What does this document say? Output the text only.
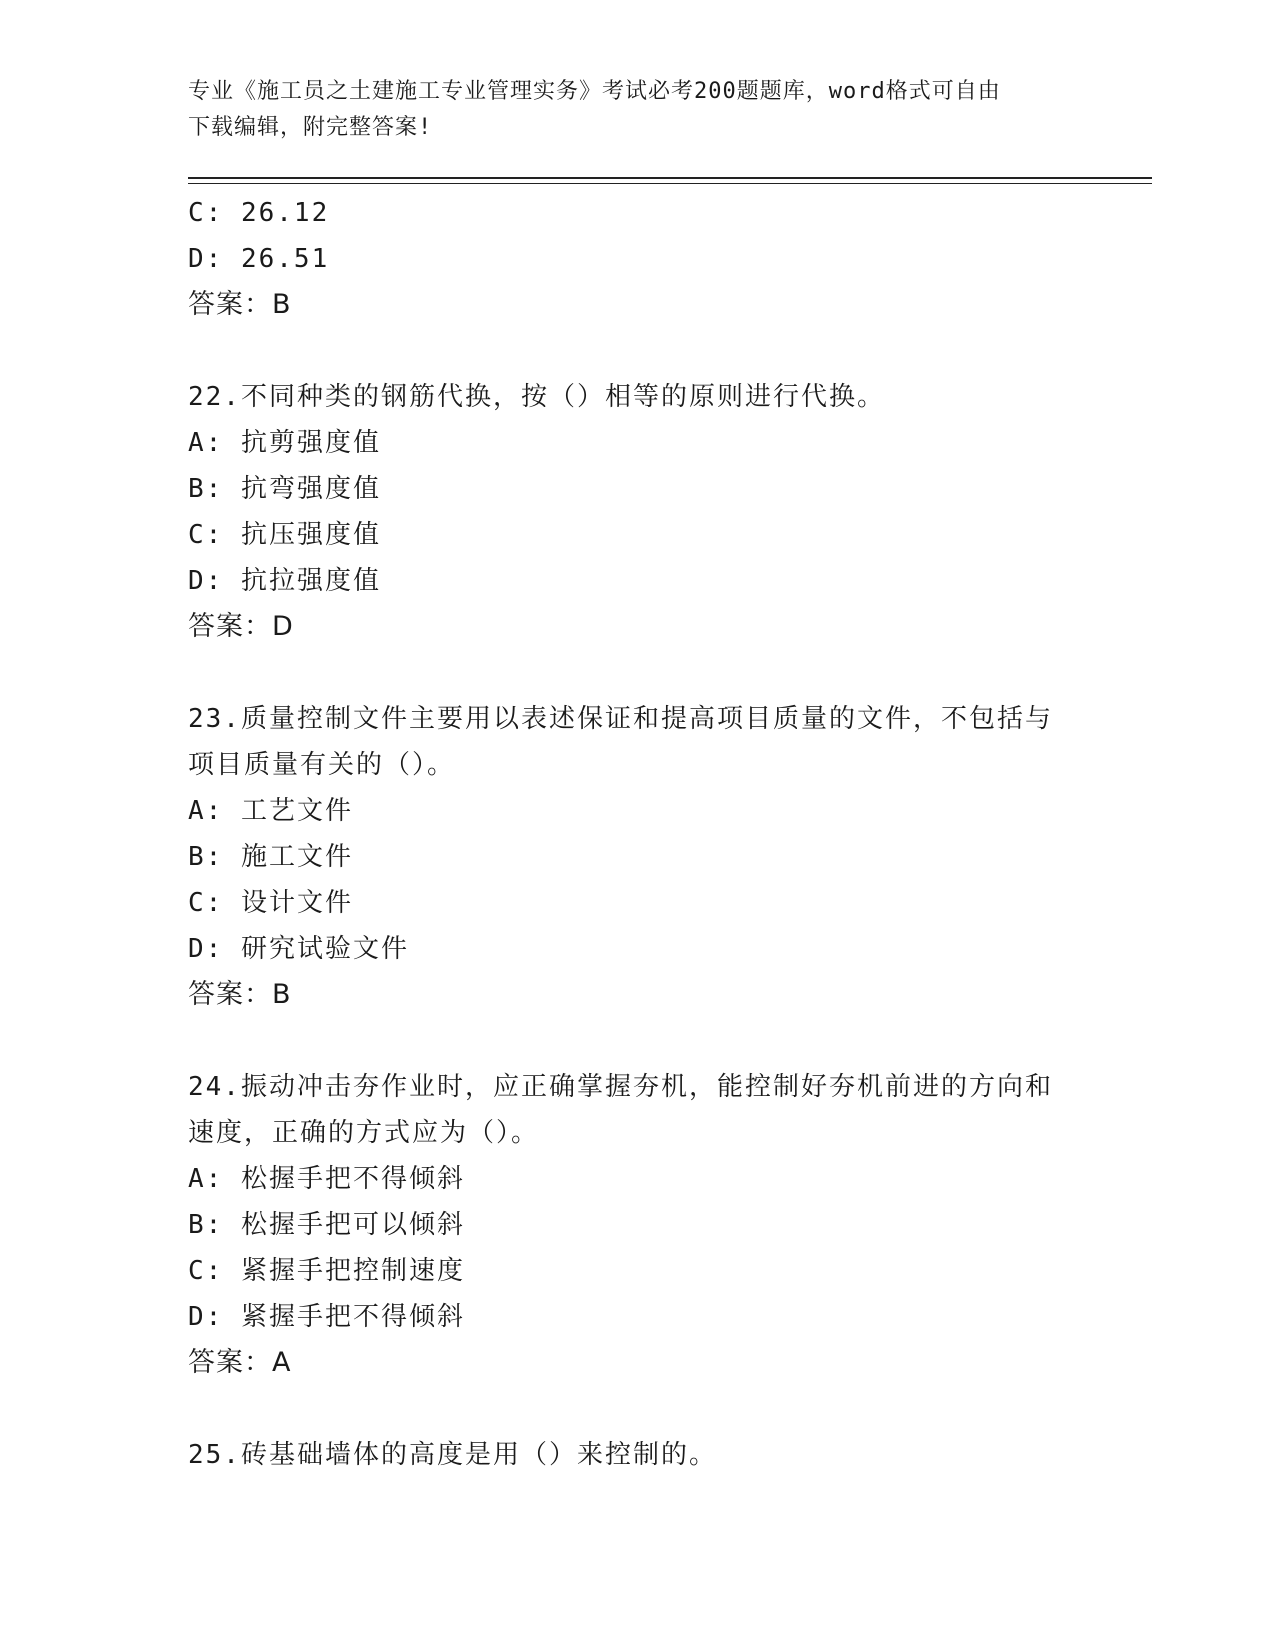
专业《施工员之土建施工专业管理实务》考试必考200题题库，word格式可自由
下载编辑，附完整答案!
C: 26.12
D: 26.51
答案：B
22.不同种类的钢筋代换，按（）相等的原则进行代换。
A: 抗剪强度值
B: 抗弯强度值
C: 抗压强度值
D: 抗拉强度值
答案：D
23.质量控制文件主要用以表述保证和提高项目质量的文件，不包括与
项目质量有关的（）。
A: 工艺文件
B: 施工文件
C: 设计文件
D: 研究试验文件
答案：B
24.振动冲击夯作业时，应正确掌握夯机，能控制好夯机前进的方向和
速度，正确的方式应为（）。
A: 松握手把不得倾斜
B: 松握手把可以倾斜
C: 紧握手把控制速度
D: 紧握手把不得倾斜
答案：A
25.砖基础墙体的高度是用（）来控制的。
